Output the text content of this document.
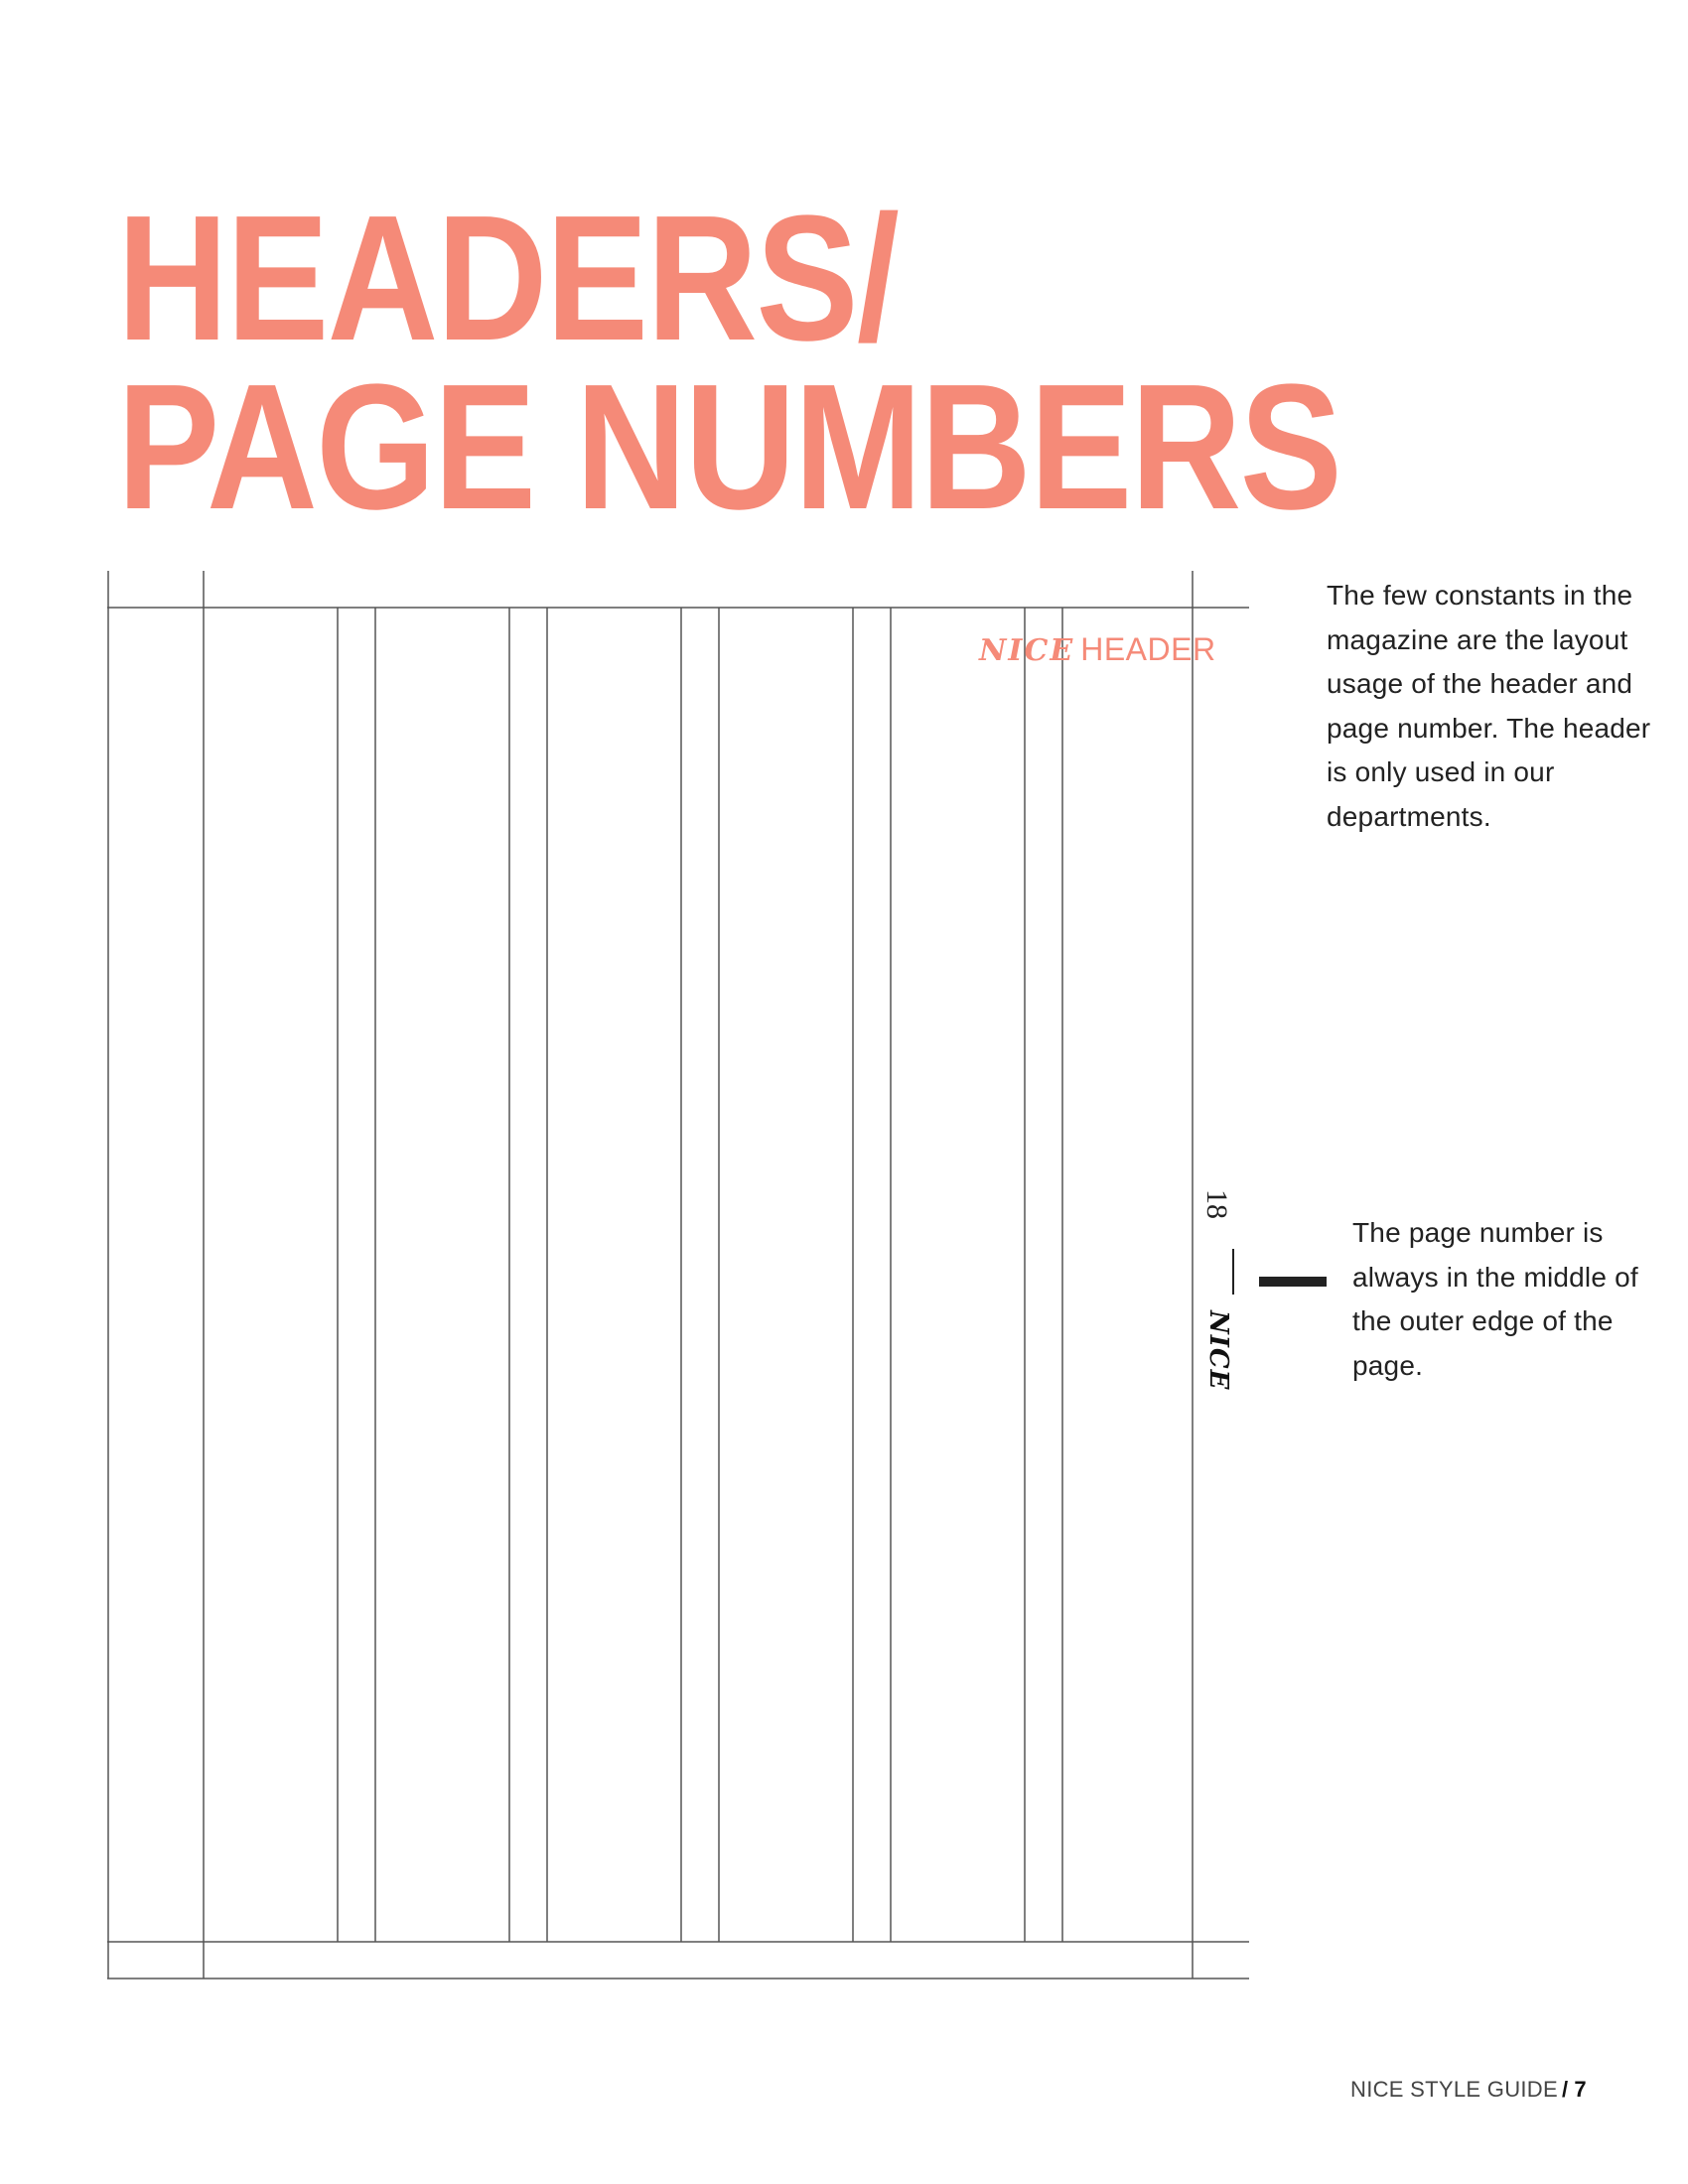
HEADERS/
PAGE NUMBERS
NICE HEADER
18
NICE

The few constants in the magazine are the layout usage of the header and page number. The header is only used in our departments.

The page number is always in the middle of the outer edge of the page.

NICE STYLE GUIDE / 7
